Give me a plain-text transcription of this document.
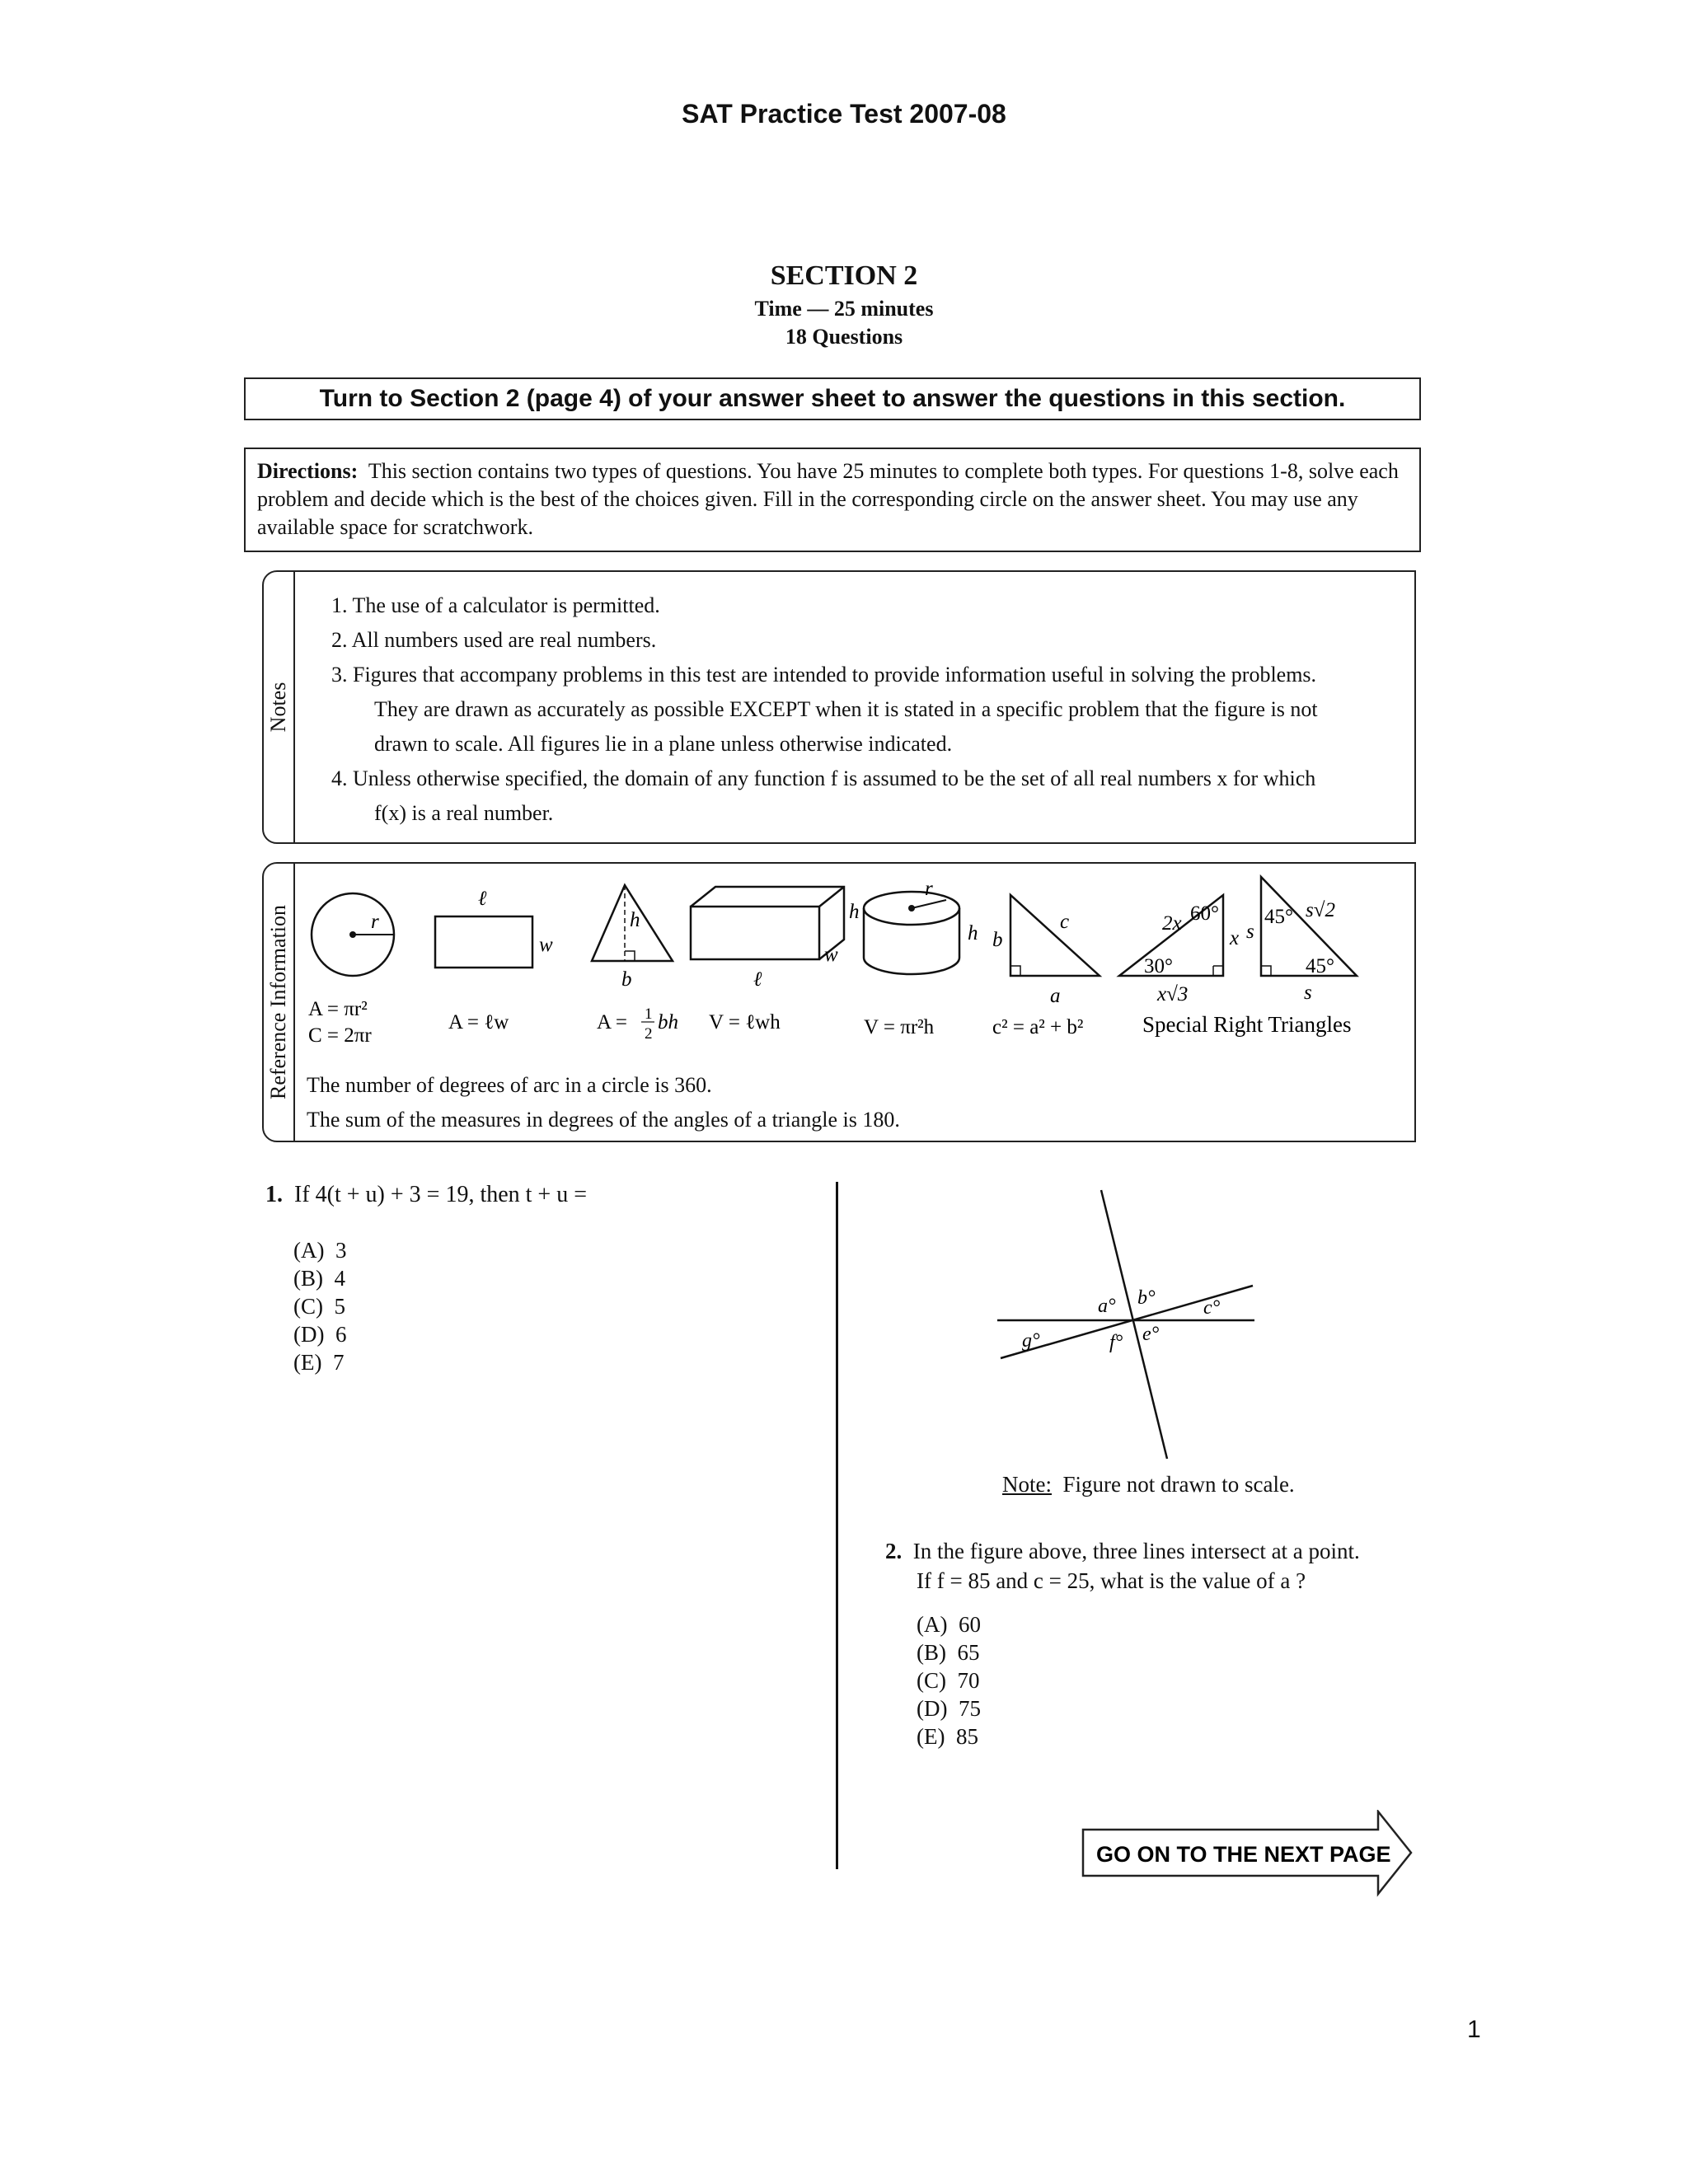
SAT Practice Test 2007-08
SECTION 2
Time — 25 minutes
18 Questions
Turn to Section 2 (page 4) of your answer sheet to answer the questions in this section.
Directions: This section contains two types of questions. You have 25 minutes to complete both types. For questions 1-8, solve each problem and decide which is the best of the choices given. Fill in the corresponding circle on the answer sheet. You may use any available space for scratchwork.
Notes
1. The use of a calculator is permitted.
2. All numbers used are real numbers.
3. Figures that accompany problems in this test are intended to provide information useful in solving the problems.
They are drawn as accurately as possible EXCEPT when it is stated in a specific problem that the figure is not
drawn to scale. All figures lie in a plane unless otherwise indicated.
4. Unless otherwise specified, the domain of any function f is assumed to be the set of all real numbers x for which
f(x) is a real number.
Reference Information	r
A = πr²
C = 2πr
ℓ
w
A = ℓw
h
b
A = 1
2
bh
h
w
ℓ
V = ℓwh
r
h
V = πr²h
b
c
a
c² = a² + b²
2x 60°
x
30°
x√3
45° s√2
s
45°
s
Special Right Triangles
The number of degrees of arc in a circle is 360.
The sum of the measures in degrees of the angles of a triangle is 180.
1. If 4(t + u) + 3 = 19, then t + u =
(A)  3
(B)  4
(C)  5
(D)  6
(E)  7
a° b° c°
e°
f°
g°
Note: Figure not drawn to scale.
2. In the figure above, three lines intersect at a point.
If f = 85 and c = 25, what is the value of a ?
(A)  60
(B)  65
(C)  70
(D)  75
(E)  85
GO ON TO THE NEXT PAGE
1
